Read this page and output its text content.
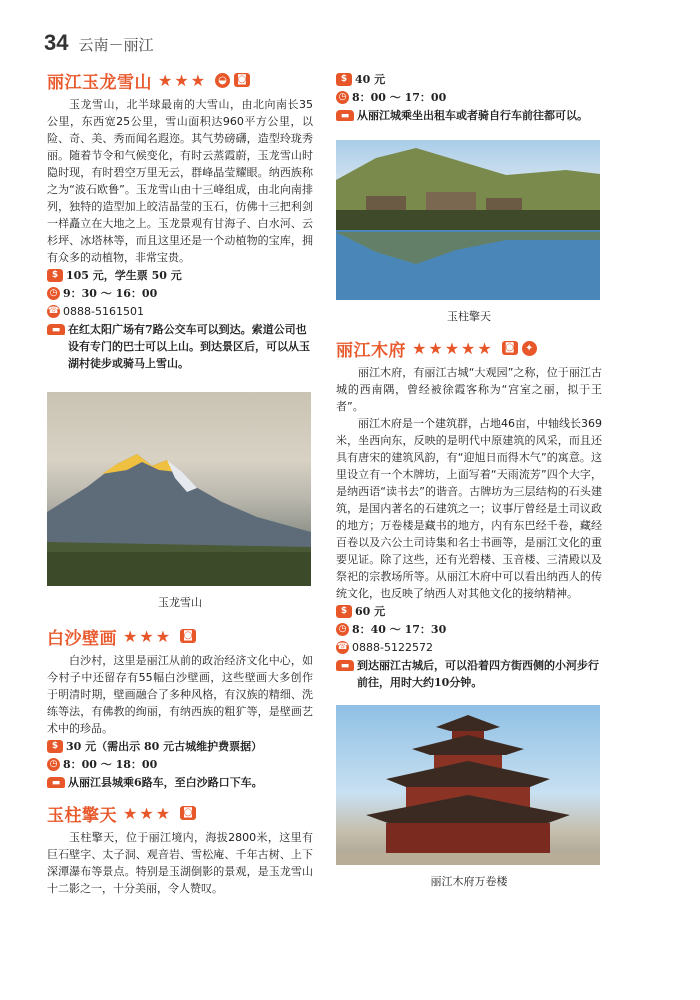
34 云南－丽江
丽江玉龙雪山 ★★★	◒	◙

玉龙雪山，北半球最南的大雪山，由北向南长35公里，东西宽25公里，雪山面积达960平方公里，以险、奇、美、秀而闻名遐迩。其气势磅礴，造型玲珑秀丽。随着节令和气候变化，有时云蒸霞蔚，玉龙雪山时隐时现，有时碧空万里无云，群峰晶莹耀眼。纳西族称之为“波石欧鲁”。玉龙雪山由十三峰组成，由北向南排列，独特的造型加上皎洁晶莹的玉石，仿佛十三把利剑一样矗立在大地之上。玉龙景观有甘海子、白水河、云杉坪、冰塔林等，而且这里还是一个动植物的宝库，拥有众多的动植物，非常宝贵。

$ 105 元，学生票 50 元
◷ 9：30 ～ 16：00
☎ 0888-5161501
▬ 在红太阳广场有7路公交车可以到达。索道公司也设有专门的巴士可以上山。到达景区后，可以从玉湖村徒步或骑马上雪山。
玉龙雪山
白沙壁画 ★★★	◙

白沙村，这里是丽江从前的政治经济文化中心，如今村子中还留存有55幅白沙壁画，这些壁画大多创作于明清时期，壁画融合了多种风格，有汉族的精细、洗练等法，有佛教的绚丽，有纳西族的粗犷等，是壁画艺术中的珍品。

$ 30 元（需出示 80 元古城维护费票据）
◷ 8：00 ～ 18：00
▬ 从丽江县城乘6路车，至白沙路口下车。
玉柱擎天 ★★★	◙

玉柱擎天，位于丽江境内，海拔2800米，这里有巨石壁字、太子洞、观音岩、雪松庵、千年古树、上下深潭瀑布等景点。特别是玉湖倒影的景观，是玉龙雪山十二影之一，十分美丽，令人赞叹。

$ 40 元
◷ 8：00 ～ 17：00
▬ 从丽江城乘坐出租车或者骑自行车前往都可以。
玉柱擎天
丽江木府 ★★★★★	◙	✦

丽江木府，有丽江古城“大观园”之称，位于丽江古城的西南隅，曾经被徐霞客称为“宫室之丽，拟于王者”。

丽江木府是一个建筑群，占地46亩，中轴线长369米，坐西向东，反映的是明代中原建筑的风采，而且还具有唐宋的建筑风韵，有“迎旭日而得木气”的寓意。这里设立有一个木牌坊，上面写着“天雨流芳”四个大字，是纳西语“读书去”的谐音。古牌坊为三层结构的石头建筑，是国内著名的石建筑之一；议事厅曾经是土司议政的地方；万卷楼是藏书的地方，内有东巴经千卷，藏经百卷以及六公土司诗集和名士书画等，是丽江文化的重要见证。除了这些，还有光碧楼、玉音楼、三清殿以及祭祀的宗教场所等。从丽江木府中可以看出纳西人的传统文化，也反映了纳西人对其他文化的接纳精神。

$ 60 元
◷ 8：40 ～ 17：30
☎ 0888-5122572
▬ 到达丽江古城后，可以沿着四方街西侧的小河步行前往，用时大约10分钟。
丽江木府万卷楼
